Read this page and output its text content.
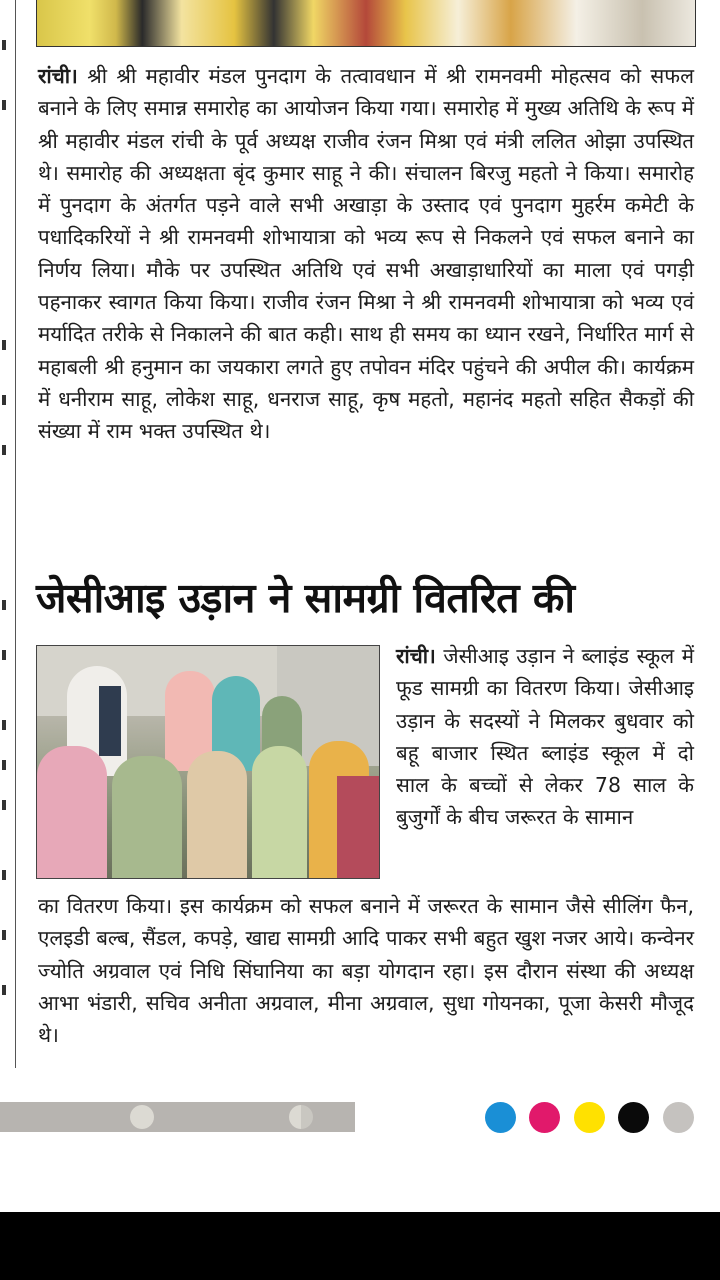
रांची। श्री श्री महावीर मंडल पुनदाग के तत्वावधान में श्री रामनवमी मोहत्सव को सफल बनाने के लिए समान्न समारोह का आयोजन किया गया। समारोह में मुख्य अतिथि के रूप में श्री महावीर मंडल रांची के पूर्व अध्यक्ष राजीव रंजन मिश्रा एवं मंत्री ललित ओझा उपस्थित थे। समारोह की अध्यक्षता बृंद कुमार साहू ने की। संचालन बिरजु महतो ने किया। समारोह में पुनदाग के अंतर्गत पड़ने वाले सभी अखाड़ा के उस्ताद एवं पुनदाग मुहर्रम कमेटी के पधादिकरियों ने श्री रामनवमी शोभायात्रा को भव्य रूप से निकलने एवं सफल बनाने का निर्णय लिया। मौके पर उपस्थित अतिथि एवं सभी अखाड़ाधारियों का माला एवं पगड़ी पहनाकर स्वागत किया किया। राजीव रंजन मिश्रा ने श्री रामनवमी शोभायात्रा को भव्य एवं मर्यादित तरीके से निकालने की बात कही। साथ ही समय का ध्यान रखने, निर्धारित मार्ग से महाबली श्री हनुमान का जयकारा लगते हुए तपोवन मंदिर पहुंचने की अपील की। कार्यक्रम में धनीराम साहू, लोकेश साहू, धनराज साहू, कृष महतो, महानंद महतो सहित सैकड़ों की संख्या में राम भक्त उपस्थित थे।

जेसीआइ उड़ान ने सामग्री वितरित की

रांची। जेसीआइ उड़ान ने ब्लाइंड स्कूल में फूड सामग्री का वितरण किया। जेसीआइ उड़ान के सदस्यों ने मिलकर बुधवार को बहू बाजार स्थित ब्लाइंड स्कूल में दो साल के बच्चों से लेकर 78 साल के बुजुर्गों के बीच जरूरत के सामान

का वितरण किया। इस कार्यक्रम को सफल बनाने में जरूरत के सामान जैसे सीलिंग फैन, एलइडी बल्ब, सैंडल, कपड़े, खाद्य सामग्री आदि पाकर सभी बहुत खुश नजर आये। कन्वेनर ज्योति अग्रवाल एवं निधि सिंघानिया का बड़ा योगदान रहा। इस दौरान संस्था की अध्यक्ष आभा भंडारी, सचिव अनीता अग्रवाल, मीना अग्रवाल, सुधा गोयनका, पूजा केसरी मौजूद थे।
